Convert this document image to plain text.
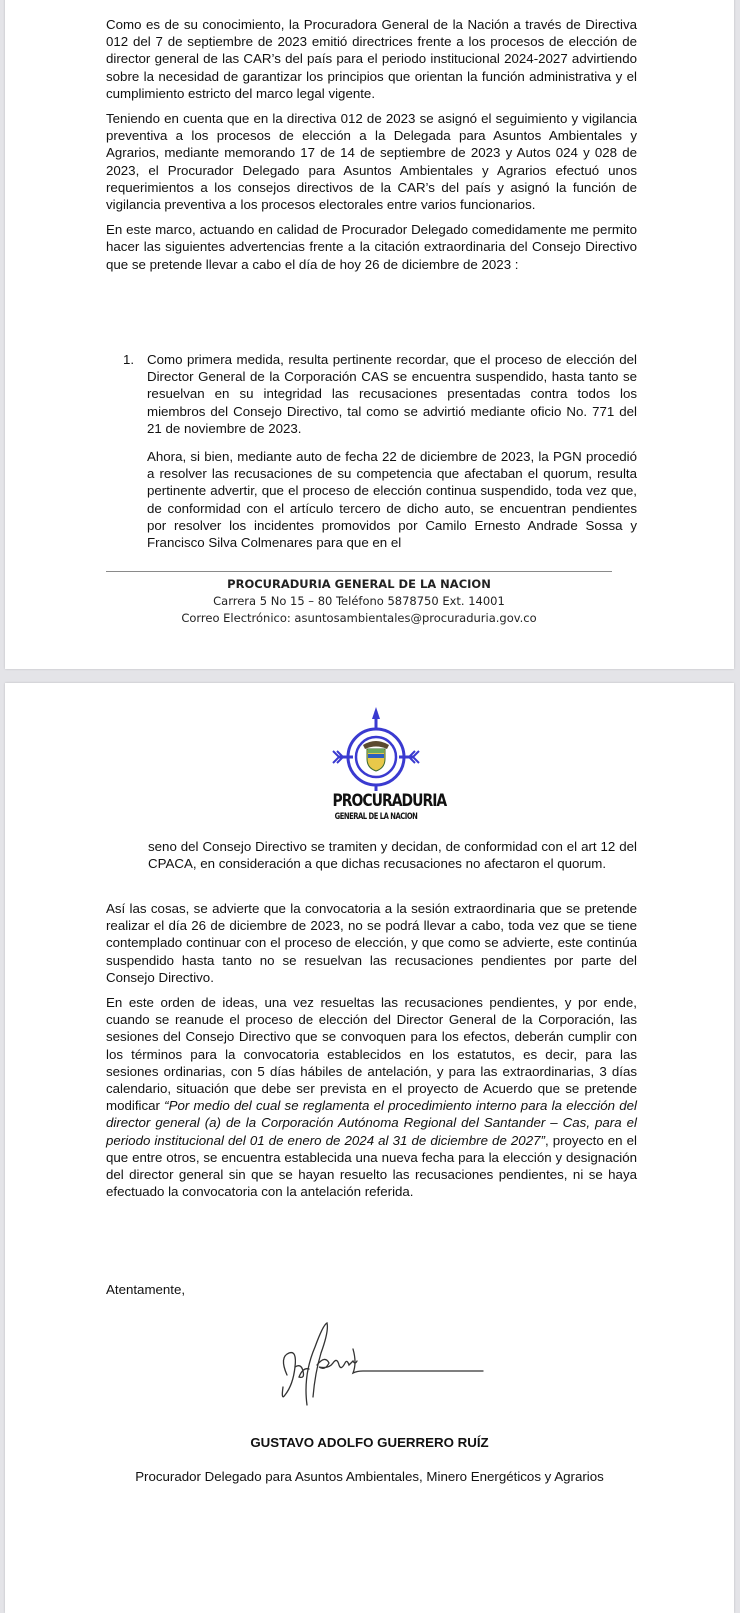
Como es de su conocimiento, la Procuradora General de la Nación a través de Directiva 012 del 7 de septiembre de 2023 emitió directrices frente a los procesos de elección de director general de las CAR’s del país para el periodo institucional 2024-2027 advirtiendo sobre la necesidad de garantizar los principios que orientan la función administrativa y el cumplimiento estricto del marco legal vigente.

Teniendo en cuenta que en la directiva 012 de 2023 se asignó el seguimiento y vigilancia preventiva a los procesos de elección a la Delegada para Asuntos Ambientales y Agrarios, mediante memorando 17 de 14 de septiembre de 2023 y Autos 024 y 028 de 2023, el Procurador Delegado para Asuntos Ambientales y Agrarios efectuó unos requerimientos a los consejos directivos de la CAR’s del país y asignó la función de vigilancia preventiva a los procesos electorales entre varios funcionarios.

En este marco, actuando en calidad de Procurador Delegado comedidamente me permito hacer las siguientes advertencias frente a la citación extraordinaria del Consejo Directivo que se pretende llevar a cabo el día de hoy 26 de diciembre de 2023 :

1. Como primera medida, resulta pertinente recordar, que el proceso de elección del Director General de la Corporación CAS se encuentra suspendido, hasta tanto se resuelvan en su integridad las recusaciones presentadas contra todos los miembros del Consejo Directivo, tal como se advirtió mediante oficio No. 771 del 21 de noviembre de 2023.

Ahora, si bien, mediante auto de fecha 22 de diciembre de 2023, la PGN procedió a resolver las recusaciones de su competencia que afectaban el quorum, resulta pertinente advertir, que el proceso de elección continua suspendido, toda vez que, de conformidad con el artículo tercero de dicho auto, se encuentran pendientes por resolver los incidentes promovidos por Camilo Ernesto Andrade Sossa y Francisco Silva Colmenares para que en el

PROCURADURIA GENERAL DE LA NACION
Carrera 5 No 15 – 80 Teléfono 5878750 Ext. 14001
Correo Electrónico: asuntosambientales@procuraduria.gov.co
PROCURADURIA
GENERAL DE LA NACION

seno del Consejo Directivo se tramiten y decidan, de conformidad con el art 12 del CPACA, en consideración a que dichas recusaciones no afectaron el quorum.

Así las cosas, se advierte que la convocatoria a la sesión extraordinaria que se pretende realizar el día 26 de diciembre de 2023, no se podrá llevar a cabo, toda vez que se tiene contemplado continuar con el proceso de elección, y que como se advierte, este continúa suspendido hasta tanto no se resuelvan las recusaciones pendientes por parte del Consejo Directivo.

En este orden de ideas, una vez resueltas las recusaciones pendientes, y por ende, cuando se reanude el proceso de elección del Director General de la Corporación, las sesiones del Consejo Directivo que se convoquen para los efectos, deberán cumplir con los términos para la convocatoria establecidos en los estatutos, es decir, para las sesiones ordinarias, con 5 días hábiles de antelación, y para las extraordinarias, 3 días calendario, situación que debe ser prevista en el proyecto de Acuerdo que se pretende modificar “Por medio del cual se reglamenta el procedimiento interno para la elección del director general (a) de la Corporación Autónoma Regional del Santander – Cas, para el periodo institucional del 01 de enero de 2024 al 31 de diciembre de 2027”, proyecto en el que entre otros, se encuentra establecida una nueva fecha para la elección y designación del director general sin que se hayan resuelto las recusaciones pendientes, ni se haya efectuado la convocatoria con la antelación referida.

Atentamente,
GUSTAVO ADOLFO GUERRERO RUÍZ
Procurador Delegado para Asuntos Ambientales, Minero Energéticos y Agrarios
